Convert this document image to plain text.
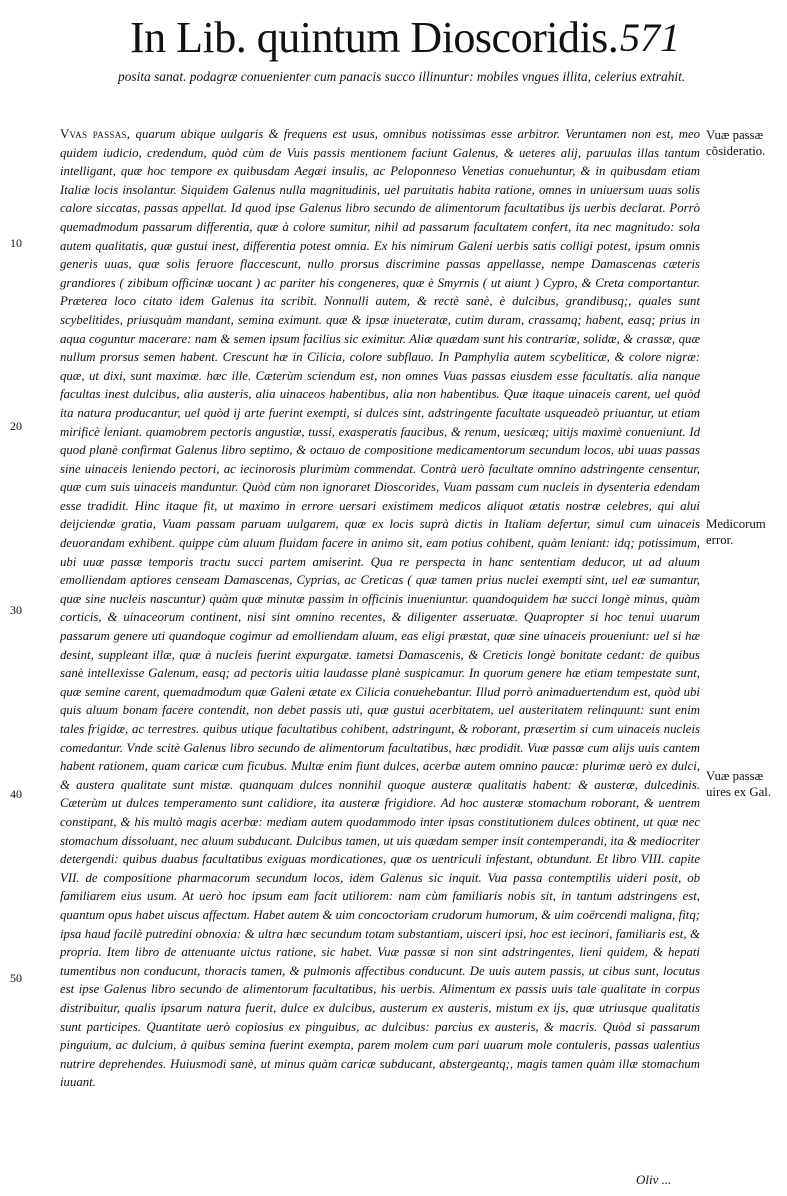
In Lib. quintum Dioscoridis. 571
posita sanat. podagræ conuenienter cum panacis succo illinuntur: mobiles vngues illita, celerius extrahit.
Vvas passas, quarum ubique uulgaris & frequens est usus, omnibus notissimas esse arbitror. Veruntamen non est, meo quidem iudicio, credendum, quòd cùm de Vuis passis mentionem faciunt Galenus, & ueteres alij, paruulas illas tantum intelligant, quæ hoc tempore ex quibusdam Aegæi insulis, ac Peloponneso Venetias conuehuntur, & in quibusdam etiam Italiæ locis insolantur. Siquidem Galenus nulla magnitudinis, uel paruitatis habita ratione, omnes in uniuersum uuas solis calore siccatas, passas appellat. Id quod ipse Galenus libro secundo de alimentorum facultatibus ijs uerbis declarat. Porrò quemadmodum passarum differentia, quæ à colore sumitur, nihil ad passarum facultatem confert, ita nec magnitudo: sola autem qualitatis, quæ gustui inest, differentia potest omnia. Ex his nimirum Galeni uerbis satis colligi potest, ipsum omnis generis uuas, quæ solis feruore flaccescunt, nullo prorsus discrimine passas appellasse, nempe Damascenas cæteris grandiores ( zibibum officinæ uocant ) ac pariter his congeneres, quæ è Smyrnis ( ut aiunt ) Cypro, & Creta comportantur. Præterea loco citato idem Galenus ita scribit. Nonnulli autem, & rectè sanè, è dulcibus, grandibusq;, quales sunt scybelitides, priusquàm mandant, semina eximunt. quæ & ipsæ inueteratæ, cutim duram, crassamq; habent, easq; prius in aqua coguntur macerare: nam & semen ipsum facilius sic eximitur. Aliæ quædam sunt his contrariæ, solidæ, & crassæ, quæ nullum prorsus semen habent. Crescunt hæ in Cilicia, colore subflauo. In Pamphylia autem scybeliticæ, & colore nigræ: quæ, ut dixi, sunt maximæ. hæc ille. Cæterùm sciendum est, non omnes Vuas passas eiusdem esse facultatis. alia nanque facultas inest dulcibus, alia austeris, alia uinaceos habentibus, alia non habentibus. Quæ itaque uinaceis carent, uel quòd ita natura producantur, uel quòd ij arte fuerint exempti, si dulces sint, adstringente facultate usqueadeò priuantur, ut etiam mirificè leniant. quamobrem pectoris angustiæ, tussi, exasperatis faucibus, & renum, uesicæq; uitijs maximè conueniunt. Id quod planè confirmat Galenus libro septimo, & octauo de compositione medicamentorum secundum locos, ubi uuas passas sine uinaceis leniendo pectori, ac iecinorosis plurimùm commendat. Contrà uerò facultate omnino adstringente censentur, quæ cum suis uinaceis manduntur. Quòd cùm non ignoraret Dioscorides, Vuam passam cum nucleis in dysenteria edendam esse tradidit. Hinc itaque fit, ut maximo in errore uersari existimem medicos aliquot ætatis nostræ celebres, qui alui deijciendæ gratia, Vuam passam paruam uulgarem, quæ ex locis suprà dictis in Italiam defertur, simul cum uinaceis deuorandam exhibent. quippe cùm aluum fluidam facere in animo sit, eam potius cohibent, quàm leniant: idq; potissimum, ubi uuæ passæ temporis tractu succi partem amiserint. Qua re perspecta in hanc sententiam deducor, ut ad aluum emolliendam aptiores censeam Damascenas, Cyprias, ac Creticas ( quæ tamen prius nuclei exempti sint, uel eæ sumantur, quæ sine nucleis nascuntur) quàm quæ minutæ passim in officinis inueniuntur. quandoquidem hæ succi longè minus, quàm corticis, & uinaceorum continent, nisi sint omnino recentes, & diligenter asseruatæ. Quapropter si hoc tenui uuarum passarum genere uti quandoque cogimur ad emolliendam aluum, eas eligi præstat, quæ sine uinaceis proueniunt: uel si hæ desint, suppleant illæ, quæ à nucleis fuerint expurgatæ. tametsi Damascenis, & Creticis longè bonitate cedant: de quibus sanè intellexisse Galenum, easq; ad pectoris uitia laudasse planè suspicamur. In quorum genere hæ etiam tempestate sunt, quæ semine carent, quemadmodum quæ Galeni ætate ex Cilicia conuehebantur. Illud porrò animaduertendum est, quòd ubi quis aluum bonam facere contendit, non debet passis uti, quæ gustui acerbitatem, uel austeritatem relinquunt: sunt enim tales frigidæ, ac terrestres. quibus utique facultatibus cohibent, adstringunt, & roborant, præsertim si cum uinaceis nucleis comedantur. Vnde scitè Galenus libro secundo de alimentorum facultatibus, hæc prodidit. Vuæ passæ cum alijs uuis cantem habent rationem, quam caricæ cum ficubus. Multæ enim fiunt dulces, acerbæ autem omnino paucæ: plurimæ uerò ex dulci, & austera qualitate sunt mistæ. quanquam dulces nonnihil quoque austeræ qualitatis habent: & austeræ, dulcedinis. Cæterùm ut dulces temperamento sunt calidiore, ita austeræ frigidiore. Ad hoc austeræ stomachum roborant, & uentrem constipant, & his multò magis acerbæ: mediam autem quodammodo inter ipsas constitutionem dulces obtinent, ut quæ nec stomachum dissoluant, nec aluum subducant. Dulcibus tamen, ut uis quædam semper insit contemperandi, ita & mediocriter detergendi: quibus duabus facultatibus exiguas mordicationes, quæ os uentriculi infestant, obtundunt. Et libro VIII. capite VII. de compositione pharmacorum secundum locos, idem Galenus sic inquit. Vua passa contemptilis uideri posit, ob familiarem eius usum. At uerò hoc ipsum eam facit utiliorem: nam cùm familiaris nobis sit, in tantum adstringens est, quantum opus habet uiscus affectum. Habet autem & uim concoctoriam crudorum humorum, & uim coërcendi maligna, fitq; ipsa haud facilè putredini obnoxia: & ultra hæc secundum totam substantiam, uisceri ipsi, hoc est iecinori, familiaris est, & propria. Item libro de attenuante uictus ratione, sic habet. Vuæ passæ si non sint adstringentes, lieni quidem, & hepati tumentibus non conducunt, thoracis tamen, & pulmonis affectibus conducunt. De uuis autem passis, ut cibus sunt, locutus est ipse Galenus libro secundo de alimentorum facultatibus, his uerbis. Alimentum ex passis uuis tale qualitate in corpus distribuitur, qualis ipsarum natura fuerit, dulce ex dulcibus, austerum ex austeris, mistum ex ijs, quæ utriusque qualitatis sunt participes. Quantitate uerò copiosius ex pinguibus, ac dulcibus: parcius ex austeris, & macris. Quòd si passarum pinguium, ac dulcium, à quibus semina fuerint exempta, parem molem cum pari uuarum mole contuleris, passas ualentius nutrire deprehendes. Huiusmodi sanè, ut minus quàm caricæ subducant, abstergeantq;, magis tamen quàm illæ stomachum iuuant.
Vuæ passæ cõsideratio.
Medicorum error.
Vuæ passæ uires ex Gal.
10
20
30
40
50
Oliv ...
